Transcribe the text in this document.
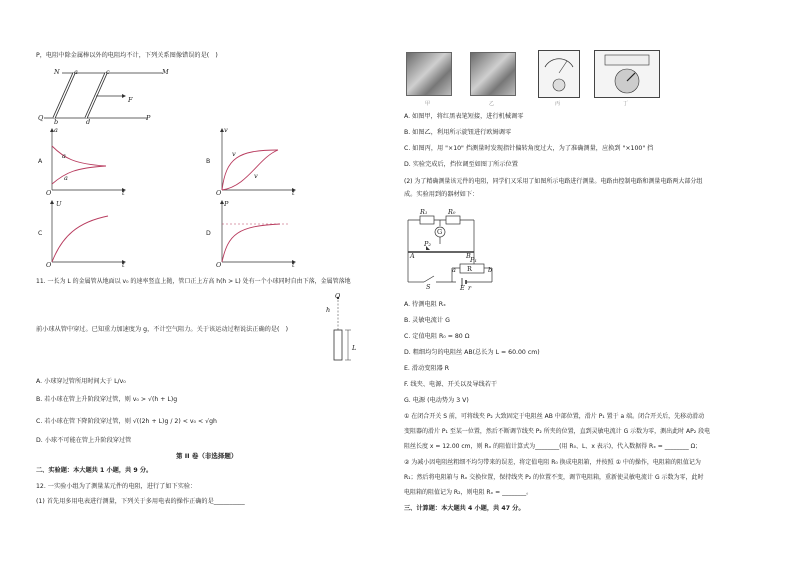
P，电阻中除金属棒以外的电阻均不计，下列关系图像错误的是(　)
N a	c	M
F
Q b	d	P
A
a
a
a
O	t
B
v
v
v
O	t
C
U
O	t
D
P
O	t
11. 一长为 L 的金属管从地面以 v₀ 的速率竖直上抛，管口正上方高 h(h > L) 处有一个小球同时自由下落，金属管落地
O
h
L
前小球从管中穿过。已知重力加速度为 g，不计空气阻力。关于该运动过程说法正确的是(　)
A. 小球穿过管所用时间大于 L/v₀
B. 若小球在管上升阶段穿过管，则 v₀ > √(h + L)g
C. 若小球在管下降阶段穿过管，则 √((2h + L)g / 2) < v₀ < √gh
D. 小球不可能在管上升阶段穿过管
第 II 卷（非选择题）
二、实验题：本大题共 1 小题，共 9 分。
12. 一实验小组为了测量某元件的电阻，进行了如下实验：
(1) 首先用多用电表进行测量，下列关于多用电表的操作正确的是__________
甲	乙	丙	丁
A. 如图甲，将红黑表笔短接，进行机械调零
B. 如图乙，利用所示旋钮进行欧姆调零
C. 如图丙，用 "×10" 挡测量时发现指针偏转角度过大，为了准确测量，应换到 "×100" 挡
D. 实验完成后，挡位调至如图丁所示位置
(2) 为了精确测量该元件的电阻，同学们又采用了如图所示电路进行测量。电路由控制电路和测量电路两大部分组
成。实验用到的器材如下：
R₁	R₀
G
P₂
A	B P₁
a R b
S	E r
A. 待测电阻 Rₓ
B. 灵敏电流计 G
C. 定值电阻 R₀ = 80 Ω
D. 粗细均匀的电阻丝 AB(总长为 L = 60.00 cm)
E. 滑动变阻器 R
F. 线夹、电源、开关以及导线若干
G. 电源 (电动势为 3 V)
① 在闭合开关 S 前，可将线夹 P₂ 大致固定于电阻丝 AB 中部位置，滑片 P₁ 置于 a 端。闭合开关后，先移动滑动
变阻器的滑片 P₁ 至某一位置，然后不断调节线夹 P₂ 所夹的位置，直到灵敏电流计 G 示数为零，测出此时 AP₂ 段电
阻丝长度 x = 12.00 cm，则 Rₓ 的阻值计算式为________(用 R₀、L、x 表示)，代入数据得 Rₓ = ________ Ω；
② 为减小因电阻丝粗细不均匀带来的误差，将定值电阻 R₀ 换成电阻箱，并按照 ① 中的操作，电阻箱的阻值记为
R₁；然后将电阻箱与 Rₓ 交换位置，保持线夹 P₂ 的位置不变，调节电阻箱，重新使灵敏电流计 G 示数为零，此时
电阻箱的阻值记为 R₂，则电阻 Rₓ = ________。
三、计算题：本大题共 4 小题，共 47 分。
